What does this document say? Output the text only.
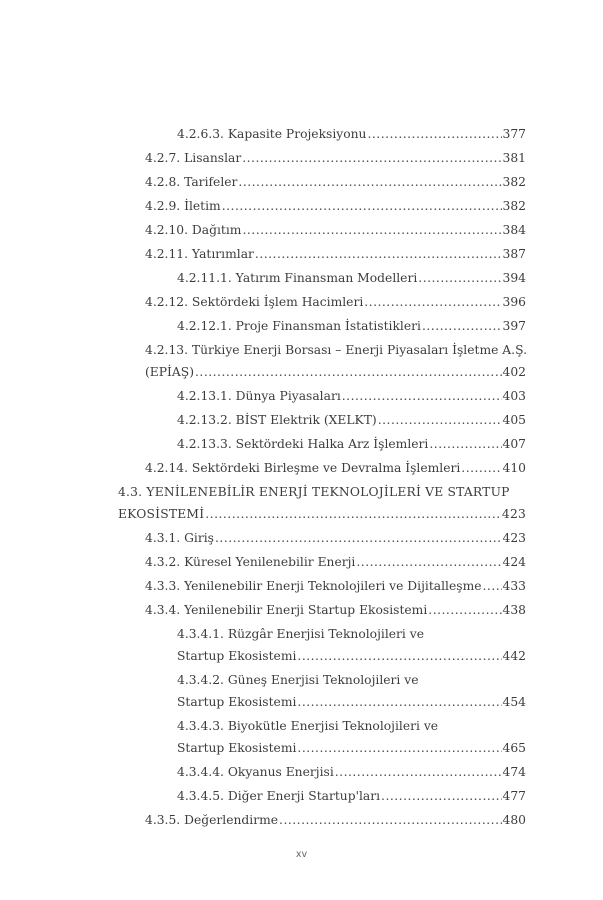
4.2.6.3. Kapasite Projeksiyonu .....	377
4.2.7. Lisanslar .....	381
4.2.8. Tarifeler .....	382
4.2.9. İletim .....	382
4.2.10. Dağıtım .....	384
4.2.11. Yatırımlar .....	387
4.2.11.1. Yatırım Finansman Modelleri .....	394
4.2.12. Sektördeki İşlem Hacimleri .....	396
4.2.12.1. Proje Finansman İstatistikleri .....	397
4.2.13. Türkiye Enerji Borsası – Enerji Piyasaları İşletme A.Ş.
(EPİAŞ) .....	402
4.2.13.1. Dünya Piyasaları .....	403
4.2.13.2. BİST Elektrik (XELKT) .....	405
4.2.13.3. Sektördeki Halka Arz İşlemleri .....	407
4.2.14. Sektördeki Birleşme ve Devralma İşlemleri .....	410
4.3. YENİLENEBİLİR ENERJİ TEKNOLOJİLERİ VE STARTUP
EKOSİSTEMİ .....	423
4.3.1. Giriş .....	423
4.3.2. Küresel Yenilenebilir Enerji .....	424
4.3.3. Yenilenebilir Enerji Teknolojileri ve Dijitalleşme ..... 433
4.3.4. Yenilenebilir Enerji Startup Ekosistemi .....	438
4.3.4.1. Rüzgâr Enerjisi Teknolojileri ve
Startup Ekosistemi .....	442
4.3.4.2. Güneş Enerjisi Teknolojileri ve
Startup Ekosistemi .....	454
4.3.4.3. Biyokütle Enerjisi Teknolojileri ve
Startup Ekosistemi .....	465
4.3.4.4. Okyanus Enerjisi .....	474
4.3.4.5. Diğer Enerji Startup'ları .....	477
4.3.5. Değerlendirme .....	480
xv
